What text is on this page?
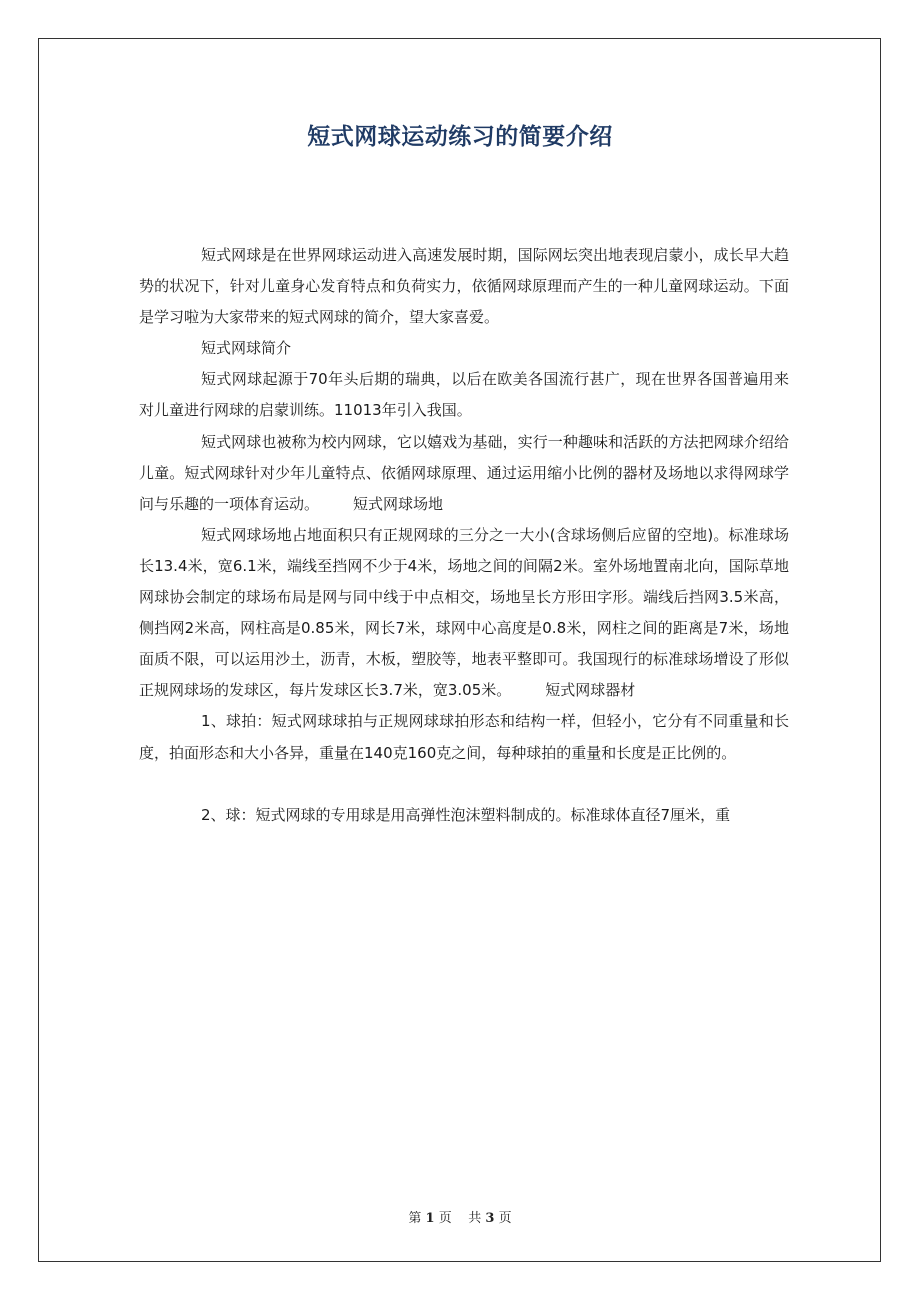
短式网球运动练习的简要介绍

短式网球是在世界网球运动进入高速发展时期，国际网坛突出地表现启蒙小，成长早大趋势的状况下，针对儿童身心发育特点和负荷实力，依循网球原理而产生的一种儿童网球运动。下面是学习啦为大家带来的短式网球的简介，望大家喜爱。

短式网球简介

短式网球起源于70年头后期的瑞典，以后在欧美各国流行甚广，现在世界各国普遍用来对儿童进行网球的启蒙训练。11013年引入我国。

短式网球也被称为校内网球，它以嬉戏为基础，实行一种趣味和活跃的方法把网球介绍给儿童。短式网球针对少年儿童特点、依循网球原理、通过运用缩小比例的器材及场地以求得网球学问与乐趣的一项体育运动。 短式网球场地

短式网球场地占地面积只有正规网球的三分之一大小(含球场侧后应留的空地)。标准球场长13.4米，宽6.1米，端线至挡网不少于4米，场地之间的间隔2米。室外场地置南北向，国际草地网球协会制定的球场布局是网与同中线于中点相交，场地呈长方形田字形。端线后挡网3.5米高，侧挡网2米高，网柱高是0.85米，网长7米，球网中心高度是0.8米，网柱之间的距离是7米，场地面质不限，可以运用沙土，沥青，木板，塑胶等，地表平整即可。我国现行的标准球场增设了形似正规网球场的发球区，每片发球区长3.7米，宽3.05米。 短式网球器材

1、球拍：短式网球球拍与正规网球球拍形态和结构一样，但轻小，它分有不同重量和长度，拍面形态和大小各异，重量在140克160克之间，每种球拍的重量和长度是正比例的。

2、球：短式网球的专用球是用高弹性泡沫塑料制成的。标准球体直径7厘米，重

第 1 页 共 3 页
